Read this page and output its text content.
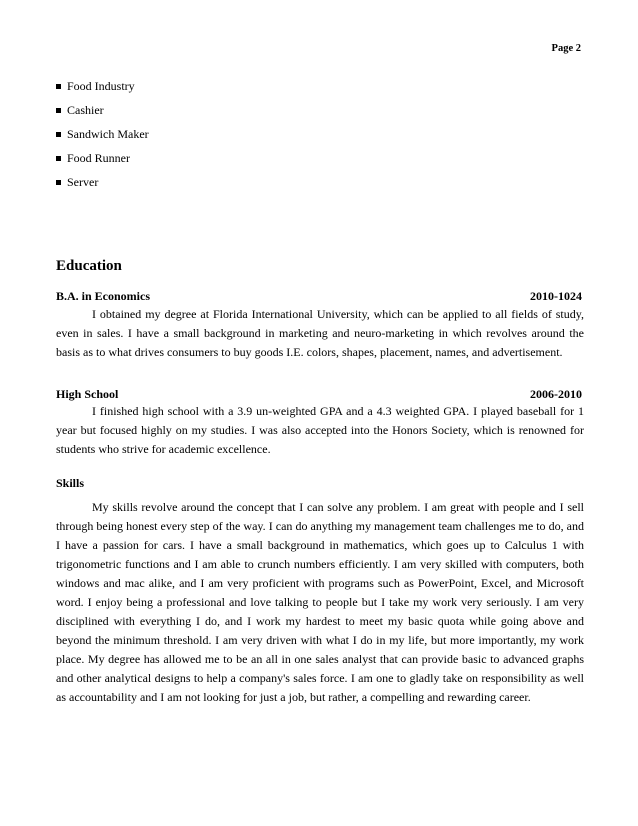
Page 2
Food Industry
Cashier
Sandwich Maker
Food Runner
Server
Education
B.A. in Economics	2010-1024

I obtained my degree at Florida International University, which can be applied to all fields of study, even in sales. I have a small background in marketing and neuro-marketing in which revolves around the basis as to what drives consumers to buy goods I.E. colors, shapes, placement, names, and advertisement.

High School	2006-2010

I finished high school with a 3.9 un-weighted GPA and a 4.3 weighted GPA. I played baseball for 1 year but focused highly on my studies. I was also accepted into the Honors Society, which is renowned for students who strive for academic excellence.

Skills

My skills revolve around the concept that I can solve any problem. I am great with people and I sell through being honest every step of the way. I can do anything my management team challenges me to do, and I have a passion for cars. I have a small background in mathematics, which goes up to Calculus 1 with trigonometric functions and I am able to crunch numbers efficiently. I am very skilled with computers, both windows and mac alike, and I am very proficient with programs such as PowerPoint, Excel, and Microsoft word. I enjoy being a professional and love talking to people but I take my work very seriously. I am very disciplined with everything I do, and I work my hardest to meet my basic quota while going above and beyond the minimum threshold. I am very driven with what I do in my life, but more importantly, my work place. My degree has allowed me to be an all in one sales analyst that can provide basic to advanced graphs and other analytical designs to help a company's sales force. I am one to gladly take on responsibility as well as accountability and I am not looking for just a job, but rather, a compelling and rewarding career.
